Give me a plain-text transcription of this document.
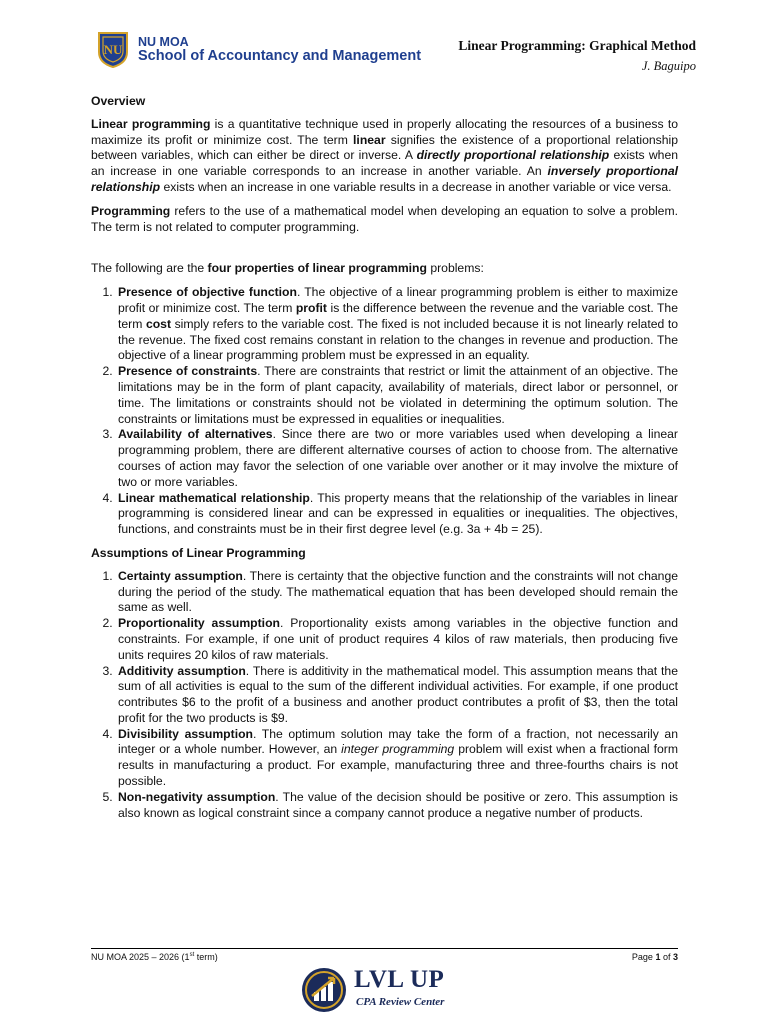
NU NU MOA
School of Accountancy and Management
Linear Programming: Graphical Method
J. Baguipo
Overview

Linear programming is a quantitative technique used in properly allocating the resources of a business to maximize its profit or minimize cost. The term linear signifies the existence of a proportional relationship between variables, which can either be direct or inverse. A directly proportional relationship exists when an increase in one variable corresponds to an increase in another variable. An inversely proportional relationship exists when an increase in one variable results in a decrease in another variable or vice versa.

Programming refers to the use of a mathematical model when developing an equation to solve a problem. The term is not related to computer programming.

The following are the four properties of linear programming problems:

1. Presence of objective function. The objective of a linear programming problem is either to maximize profit or minimize cost. The term profit is the difference between the revenue and the variable cost. The term cost simply refers to the variable cost. The fixed is not included because it is not linearly related to the revenue. The fixed cost remains constant in relation to the changes in revenue and production. The objective of a linear programming problem must be expressed in an equality.
2. Presence of constraints. There are constraints that restrict or limit the attainment of an objective. The limitations may be in the form of plant capacity, availability of materials, direct labor or personnel, or time. The limitations or constraints should not be violated in determining the optimum solution. The constraints or limitations must be expressed in equalities or inequalities.
3. Availability of alternatives. Since there are two or more variables used when developing a linear programming problem, there are different alternative courses of action to choose from. The alternative courses of action may favor the selection of one variable over another or it may involve the mixture of two or more variables.
4. Linear mathematical relationship. This property means that the relationship of the variables in linear programming is considered linear and can be expressed in equalities or inequalities. The objectives, functions, and constraints must be in their first degree level (e.g. 3a + 4b = 25).
Assumptions of Linear Programming
1. Certainty assumption. There is certainty that the objective function and the constraints will not change during the period of the study. The mathematical equation that has been developed should remain the same as well.
2. Proportionality assumption. Proportionality exists among variables in the objective function and constraints. For example, if one unit of product requires 4 kilos of raw materials, then producing five units requires 20 kilos of raw materials.
3. Additivity assumption. There is additivity in the mathematical model. This assumption means that the sum of all activities is equal to the sum of the different individual activities. For example, if one product contributes $6 to the profit of a business and another product contributes a profit of $3, then the total profit for the two products is $9.
4. Divisibility assumption. The optimum solution may take the form of a fraction, not necessarily an integer or a whole number. However, an integer programming problem will exist when a fractional form results in manufacturing a product. For example, manufacturing three and three-fourths chairs is not possible.
5. Non-negativity assumption. The value of the decision should be positive or zero. This assumption is also known as logical constraint since a company cannot produce a negative number of products.
NU MOA 2025 – 2026 (1st term)	Page 1 of 3
LVL UP
CPA Review Center
